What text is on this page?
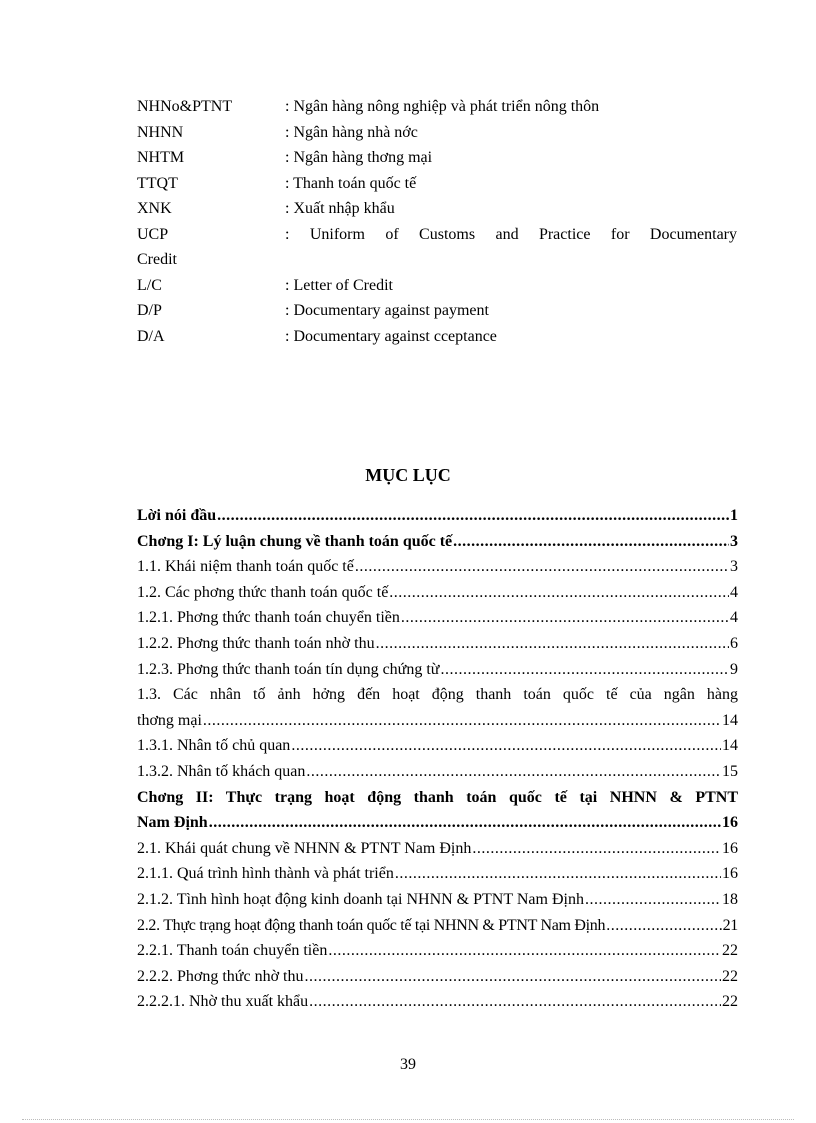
NHNo&PTNT	: Ngân hàng nông nghiệp và phát triển nông thôn
NHNN	: Ngân hàng nhà nớc
NHTM	: Ngân hàng thơng mại
TTQT	: Thanh toán quốc tế
XNK	: Xuất nhập khẩu
UCP	: Uniform of Customs and Practice for Documentary
Credit
L/C	: Letter of Credit
D/P	: Documentary against payment
D/A	: Documentary against cceptance
MỤC LỤC
Lời nói đầu .....	1
Chơng I: Lý luận chung về thanh toán quốc tế .....	3
1.1. Khái niệm thanh toán quốc tế .....	3
1.2. Các phơng thức thanh toán quốc tế .....	4
1.2.1. Phơng thức thanh toán chuyển tiền .....	4
1.2.2. Phơng thức thanh toán nhờ thu .....	6
1.2.3. Phơng thức thanh toán tín dụng chứng từ .....	9
1.3. Các nhân tố ảnh hởng đến hoạt động thanh toán quốc tế của ngân hàng
thơng mại .....	14
1.3.1. Nhân tố chủ quan .....	14
1.3.2. Nhân tố khách quan .....	15
Chơng II: Thực trạng hoạt động thanh toán quốc tế tại NHNN & PTNT
Nam Định .....	16
2.1. Khái quát chung về NHNN & PTNT Nam Định .....	16
2.1.1. Quá trình hình thành và phát triển .....	16
2.1.2. Tình hình hoạt động kinh doanh tại NHNN & PTNT Nam Định .....	18
2.2. Thực trạng hoạt động thanh toán quốc tế tại NHNN & PTNT Nam Định .....	21
2.2.1. Thanh toán chuyển tiền .....	22
2.2.2. Phơng thức nhờ thu .....	22
2.2.2.1. Nhờ thu xuất khẩu .....	22
39
